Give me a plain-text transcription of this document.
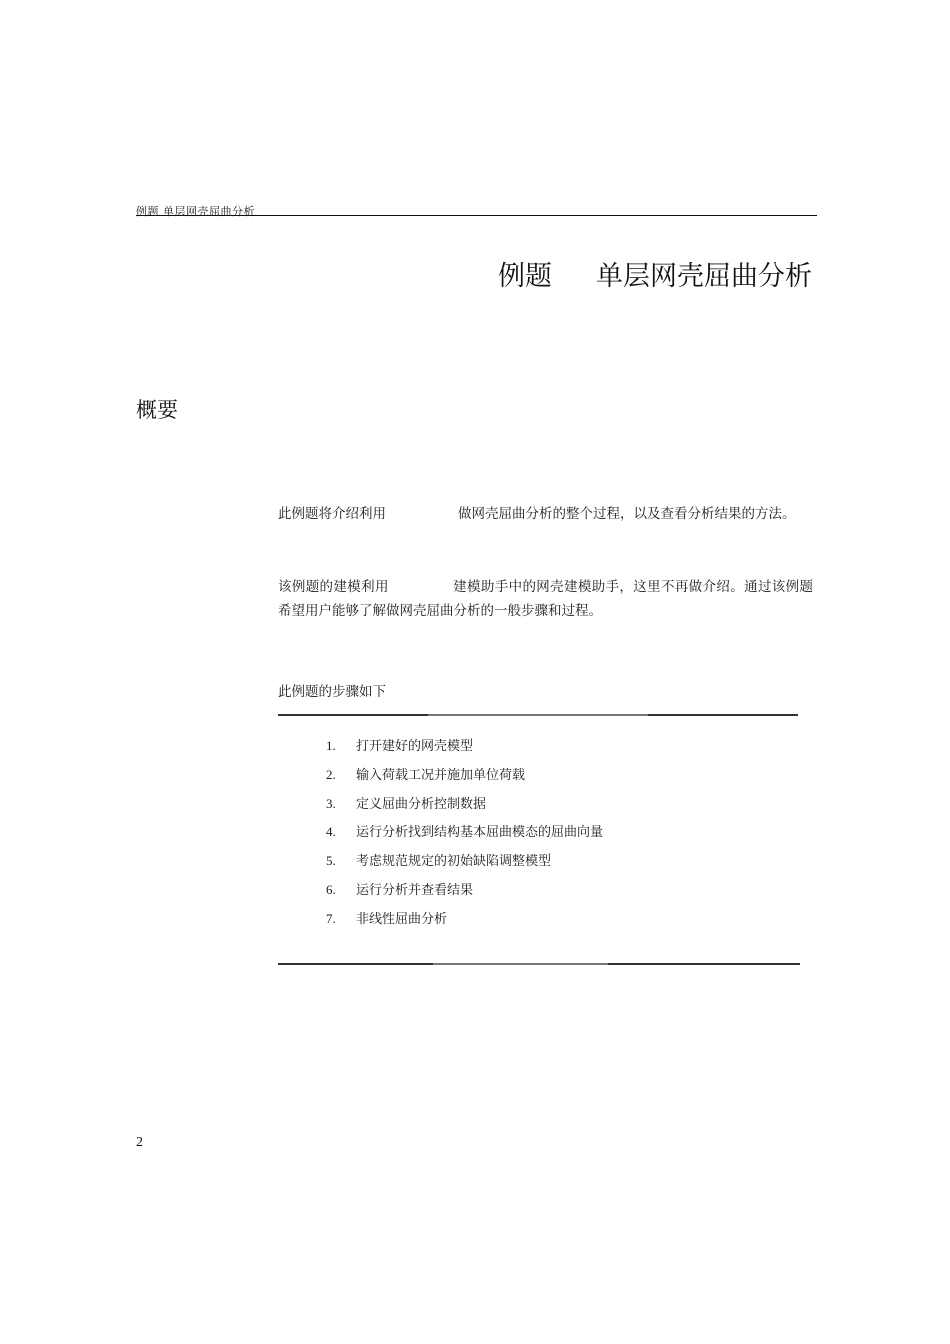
例题 单层网壳屈曲分析
例题 单层网壳屈曲分析
概要

此例题将介绍利用	做网壳屈曲分析的整个过程，以及查看分析结果的方法。

该例题的建模利用	建模助手中的网壳建模助手，这里不再做介绍。通过该例题希望用户能够了解做网壳屈曲分析的一般步骤和过程。

此例题的步骤如下

1. 打开建好的网壳模型
2. 输入荷载工况并施加单位荷载
3. 定义屈曲分析控制数据
4. 运行分析找到结构基本屈曲模态的屈曲向量
5. 考虑规范规定的初始缺陷调整模型
6. 运行分析并查看结果
7. 非线性屈曲分析
2
